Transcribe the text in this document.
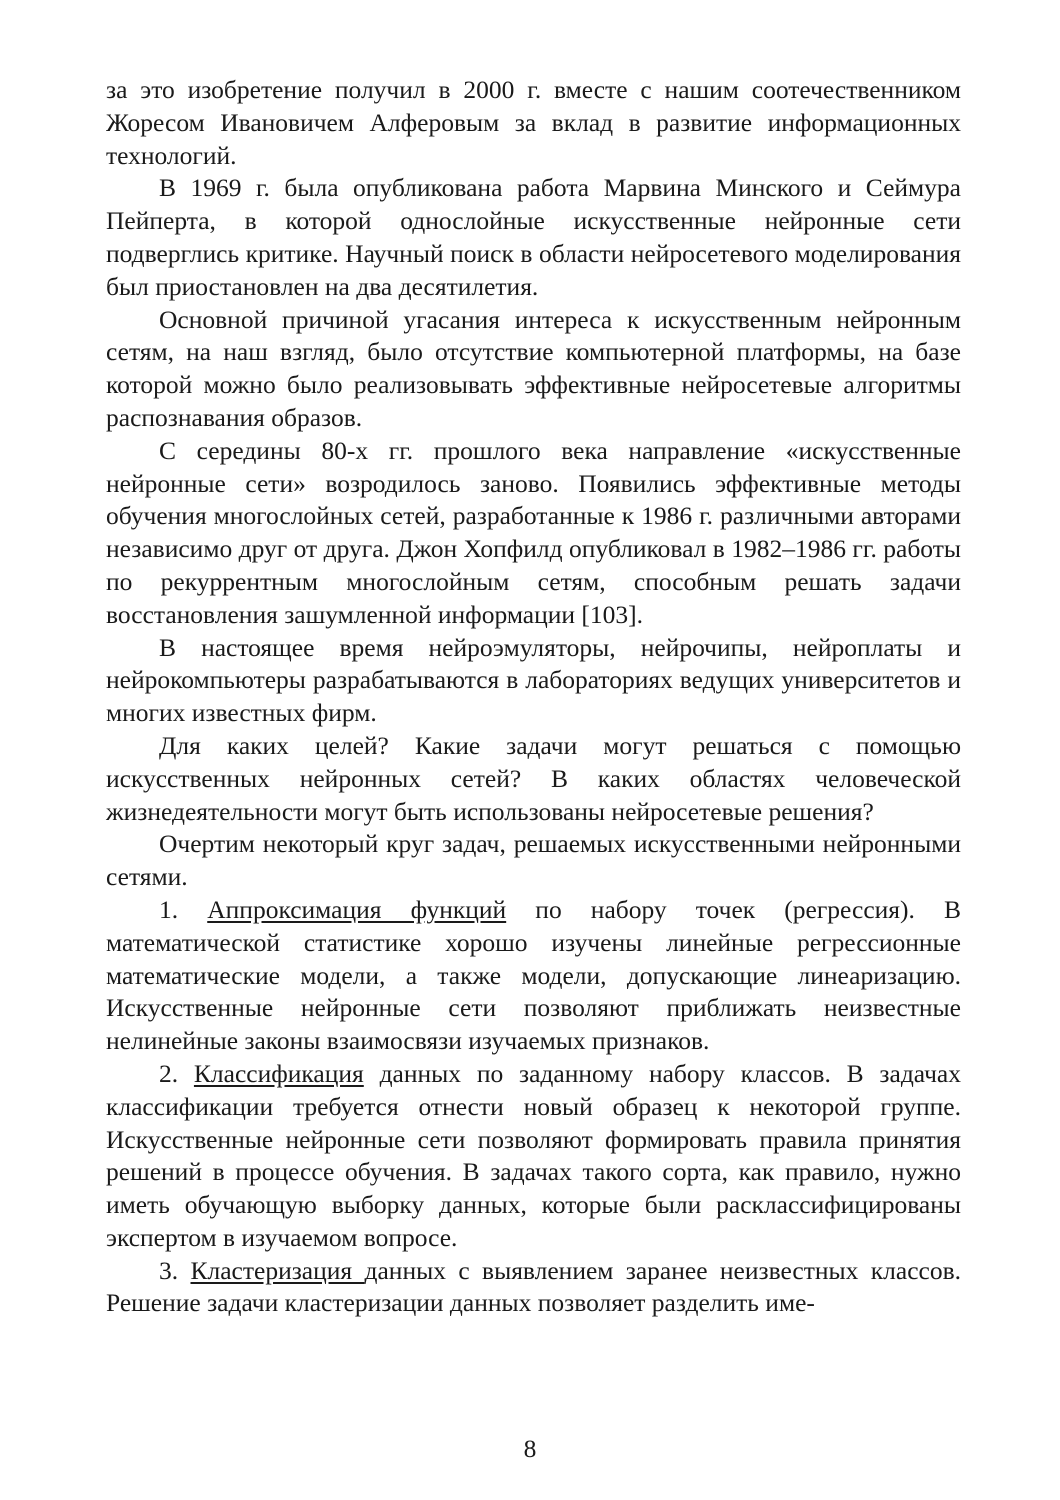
за это изобретение получил в 2000 г. вместе с нашим соотечественником Жоресом Ивановичем Алферовым за вклад в развитие информационных технологий.

В 1969 г. была опубликована работа Марвина Минского и Сеймура Пейперта, в которой однослойные искусственные нейронные сети подверглись критике. Научный поиск в области нейросетевого моделирования был приостановлен на два десятилетия.

Основной причиной угасания интереса к искусственным нейронным сетям, на наш взгляд, было отсутствие компьютерной платформы, на базе которой можно было реализовывать эффективные нейросетевые алгоритмы распознавания образов.

С середины 80-х гг. прошлого века направление «искусственные нейронные сети» возродилось заново. Появились эффективные методы обучения многослойных сетей, разработанные к 1986 г. различными авторами независимо друг от друга. Джон Хопфилд опубликовал в 1982–1986 гг. работы по рекуррентным многослойным сетям, способным решать задачи восстановления зашумленной информации [103].

В настоящее время нейроэмуляторы, нейрочипы, нейроплаты и нейрокомпьютеры разрабатываются в лабораториях ведущих университетов и многих известных фирм.

Для каких целей? Какие задачи могут решаться с помощью искусственных нейронных сетей? В каких областях человеческой жизнедеятельности могут быть использованы нейросетевые решения?

Очертим некоторый круг задач, решаемых искусственными нейронными сетями.

1. Аппроксимация функций по набору точек (регрессия). В математической статистике хорошо изучены линейные регрессионные математические модели, а также модели, допускающие линеаризацию. Искусственные нейронные сети позволяют приближать неизвестные нелинейные законы взаимосвязи изучаемых признаков.

2. Классификация данных по заданному набору классов. В задачах классификации требуется отнести новый образец к некоторой группе. Искусственные нейронные сети позволяют формировать правила принятия решений в процессе обучения. В задачах такого сорта, как правило, нужно иметь обучающую выборку данных, которые были расклассифицированы экспертом в изучаемом вопросе.

3. Кластеризация данных с выявлением заранее неизвестных классов. Решение задачи кластеризации данных позволяет разделить име-

8
